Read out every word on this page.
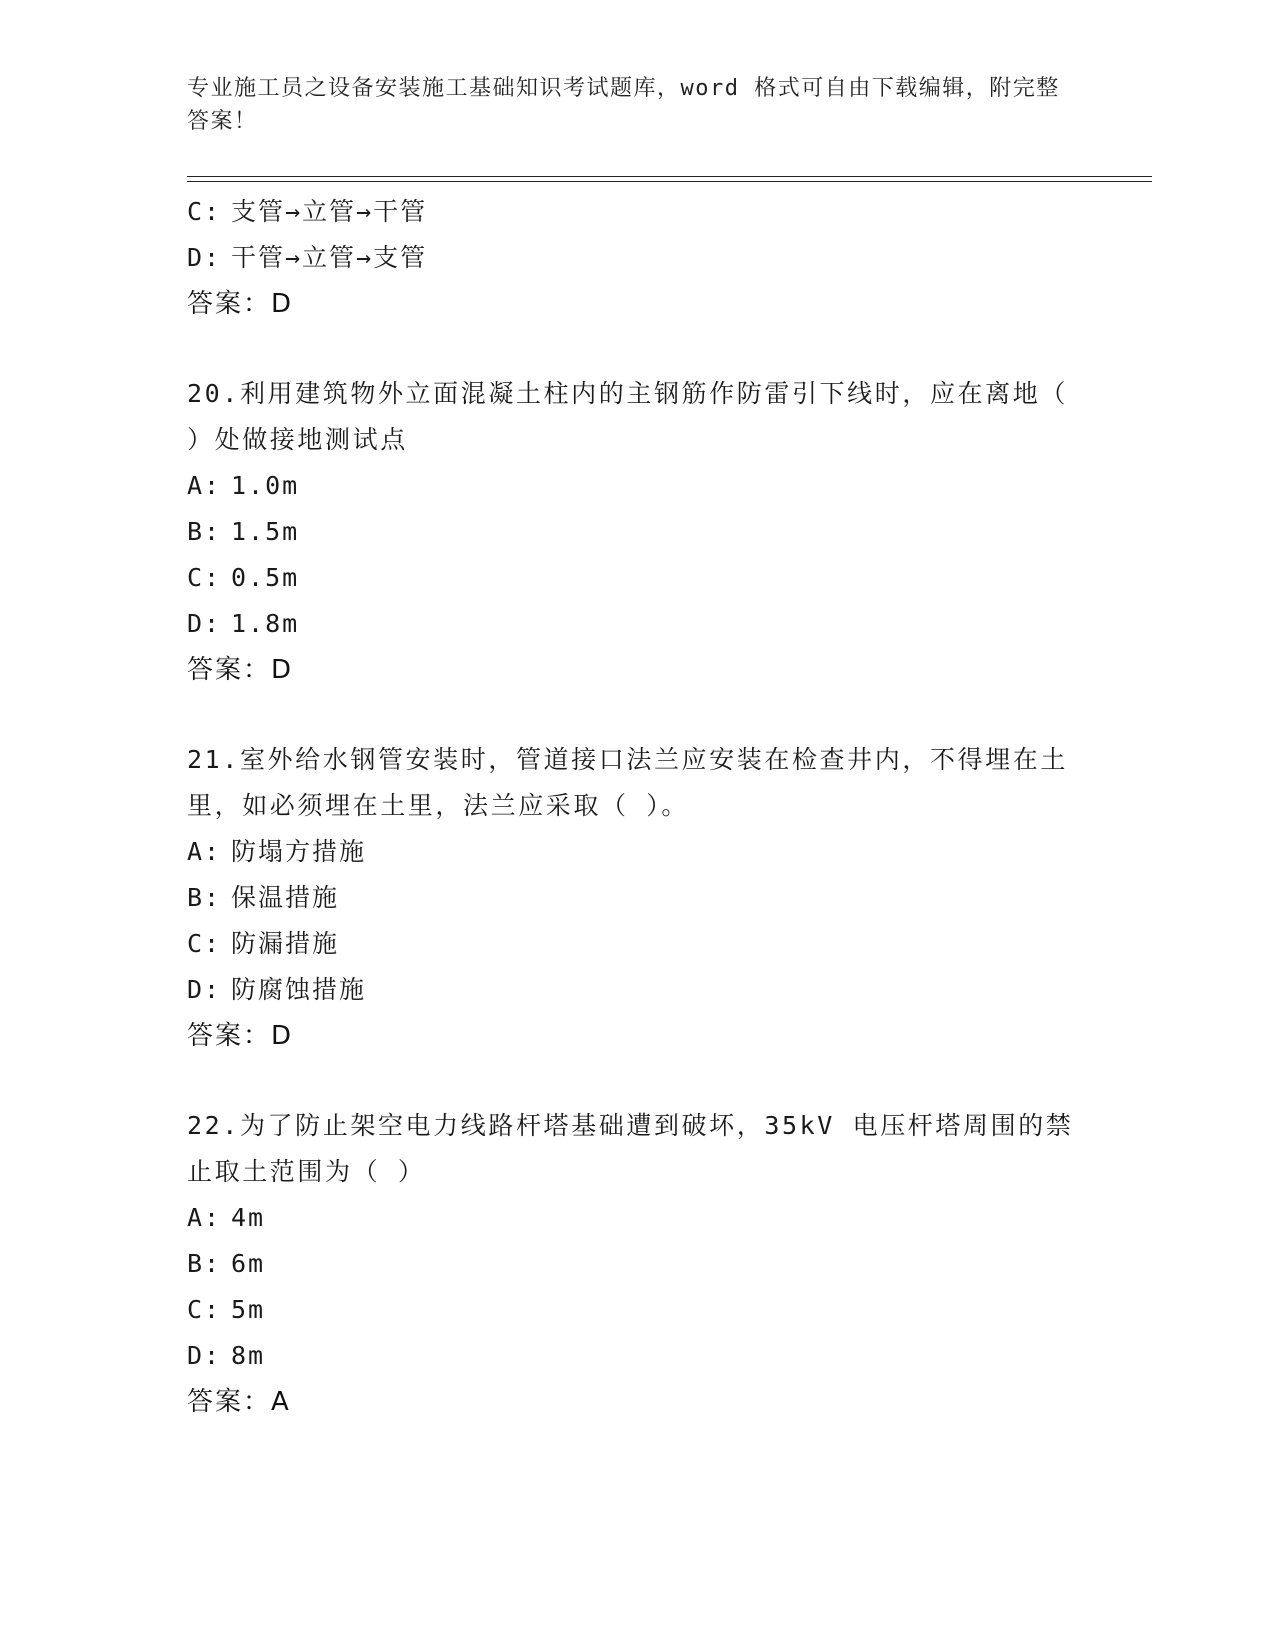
专业施工员之设备安装施工基础知识考试题库，word 格式可自由下载编辑，附完整答案！
C: 支管→立管→干管
D: 干管→立管→支管
答案：D
20.利用建筑物外立面混凝土柱内的主钢筋作防雷引下线时，应在离地（ ）处做接地测试点
A: 1.0m
B: 1.5m
C: 0.5m
D: 1.8m
答案：D
21.室外给水钢管安装时，管道接口法兰应安装在检查井内，不得埋在土里，如必须埋在土里，法兰应采取（ ）。
A: 防塌方措施
B: 保温措施
C: 防漏措施
D: 防腐蚀措施
答案：D
22.为了防止架空电力线路杆塔基础遭到破坏，35kV 电压杆塔周围的禁止取土范围为（ ）
A: 4m
B: 6m
C: 5m
D: 8m
答案：A
